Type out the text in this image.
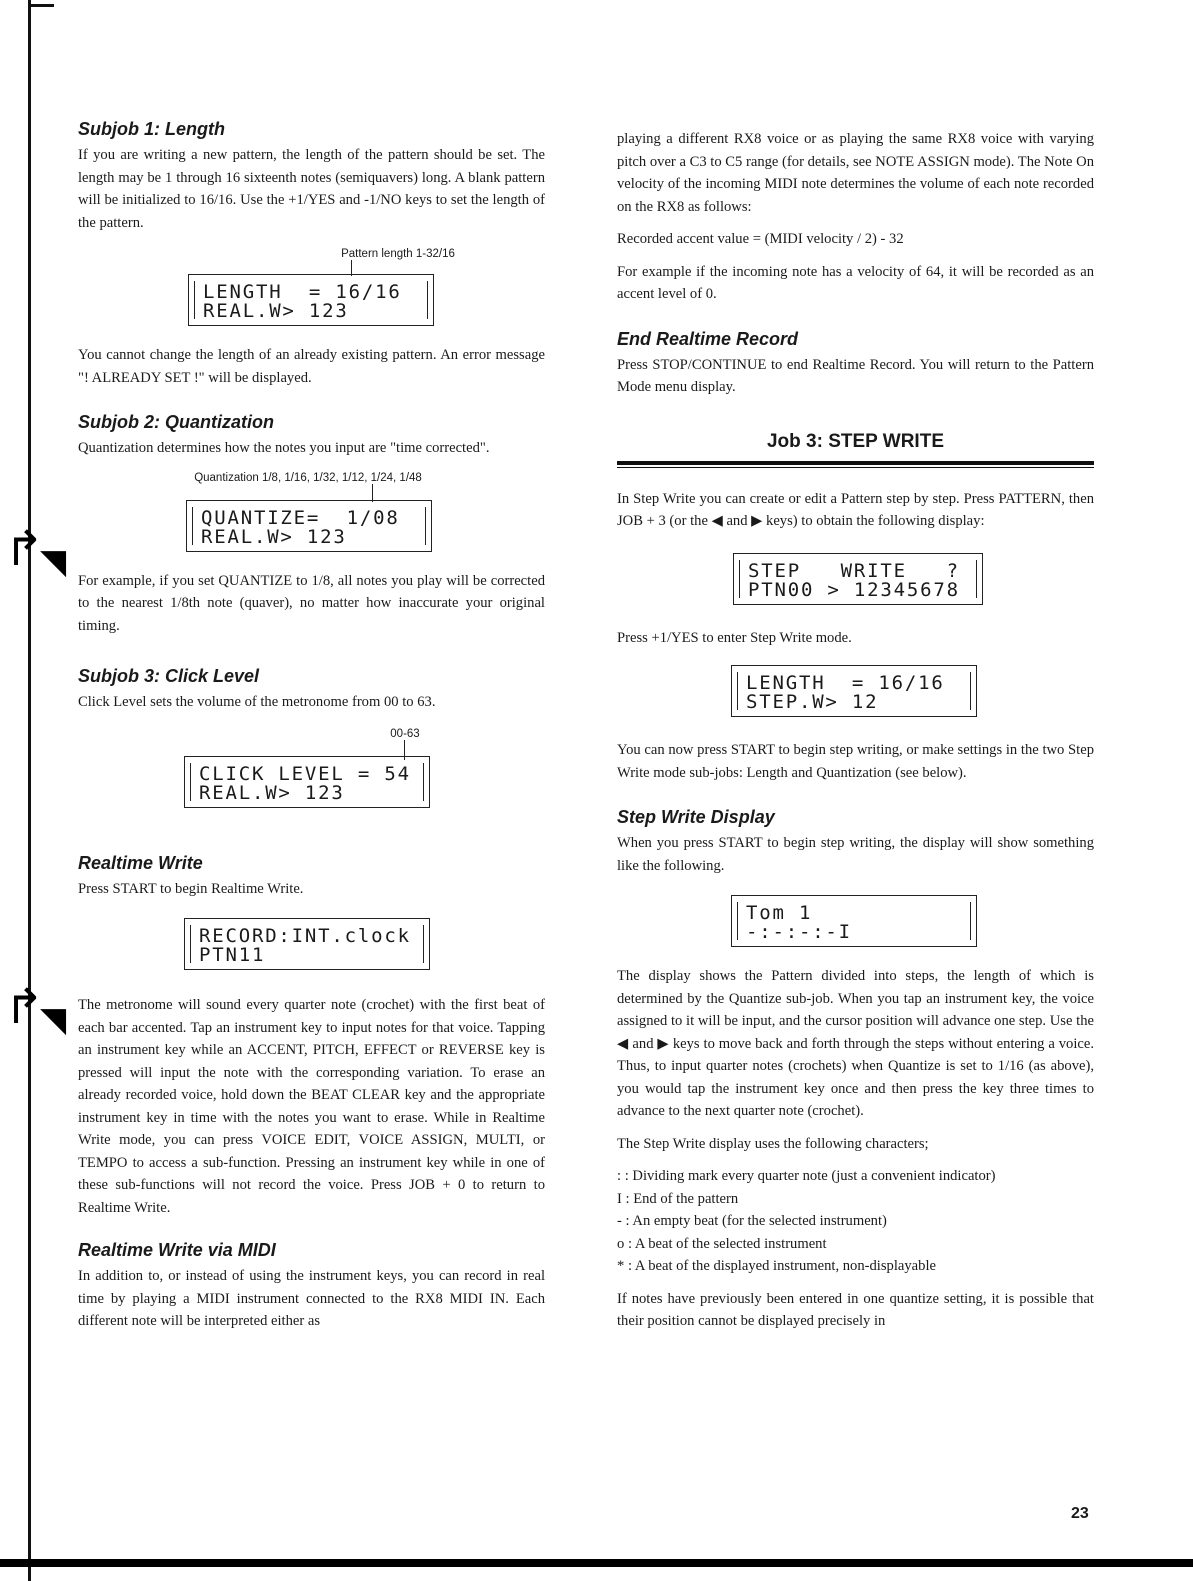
↱
◥
↱
◥
Subjob 1: Length

If you are writing a new pattern, the length of the pattern should be set. The length may be 1 through 16 sixteenth notes (semiquavers) long. A blank pattern will be initialized to 16/16. Use the +1/YES and -1/NO keys to set the length of the pattern.

Pattern length 1-32/16
LENGTH  = 16/16
REAL.W> 123

You cannot change the length of an already existing pattern. An error message "! ALREADY SET !" will be displayed.

Subjob 2: Quantization

Quantization determines how the notes you input are "time corrected".

Quantization 1/8, 1/16, 1/32, 1/12, 1/24, 1/48
QUANTIZE=  1/08
REAL.W> 123

For example, if you set QUANTIZE to 1/8, all notes you play will be corrected to the nearest 1/8th note (quaver), no matter how inaccurate your original timing.

Subjob 3: Click Level

Click Level sets the volume of the metronome from 00 to 63.

00-63
CLICK LEVEL = 54
REAL.W> 123
Realtime Write

Press START to begin Realtime Write.

RECORD:INT.clock
PTN11

The metronome will sound every quarter note (crochet) with the first beat of each bar accented. Tap an instrument key to input notes for that voice. Tapping an instrument key while an ACCENT, PITCH, EFFECT or REVERSE key is pressed will input the note with the corresponding variation. To erase an already recorded voice, hold down the BEAT CLEAR key and the appropriate instrument key in time with the notes you want to erase. While in Realtime Write mode, you can press VOICE EDIT, VOICE ASSIGN, MULTI, or TEMPO to access a sub-function. Pressing an instrument key while in one of these sub-functions will not record the voice. Press JOB + 0 to return to Realtime Write.

Realtime Write via MIDI

In addition to, or instead of using the instrument keys, you can record in real time by playing a MIDI instrument connected to the RX8 MIDI IN. Each different note will be interpreted either as

playing a different RX8 voice or as playing the same RX8 voice with varying pitch over a C3 to C5 range (for details, see NOTE ASSIGN mode). The Note On velocity of the incoming MIDI note determines the volume of each note recorded on the RX8 as follows:

Recorded accent value = (MIDI velocity / 2) - 32

For example if the incoming note has a velocity of 64, it will be recorded as an accent level of 0.

End Realtime Record

Press STOP/CONTINUE to end Realtime Record. You will return to the Pattern Mode menu display.

Job 3: STEP WRITE

In Step Write you can create or edit a Pattern step by step. Press PATTERN, then JOB + 3 (or the ◀ and ▶ keys) to obtain the following display:

STEP   WRITE   ?
PTN00 > 12345678

Press +1/YES to enter Step Write mode.

LENGTH  = 16/16
STEP.W> 12

You can now press START to begin step writing, or make settings in the two Step Write mode sub-jobs: Length and Quantization (see below).

Step Write Display

When you press START to begin step writing, the display will show something like the following.

Tom 1
-:-:-:-I

The display shows the Pattern divided into steps, the length of which is determined by the Quantize sub-job. When you tap an instrument key, the voice assigned to it will be input, and the cursor position will advance one step. Use the ◀ and ▶ keys to move back and forth through the steps without entering a voice. Thus, to input quarter notes (crochets) when Quantize is set to 1/16 (as above), you would tap the instrument key once and then press the key three times to advance to the next quarter note (crochet).

The Step Write display uses the following characters;

: : Dividing mark every quarter note (just a convenient indicator)

I : End of the pattern

- : An empty beat (for the selected instrument)

o : A beat of the selected instrument

* : A beat of the displayed instrument, non-displayable

If notes have previously been entered in one quantize setting, it is possible that their position cannot be displayed precisely in

23
